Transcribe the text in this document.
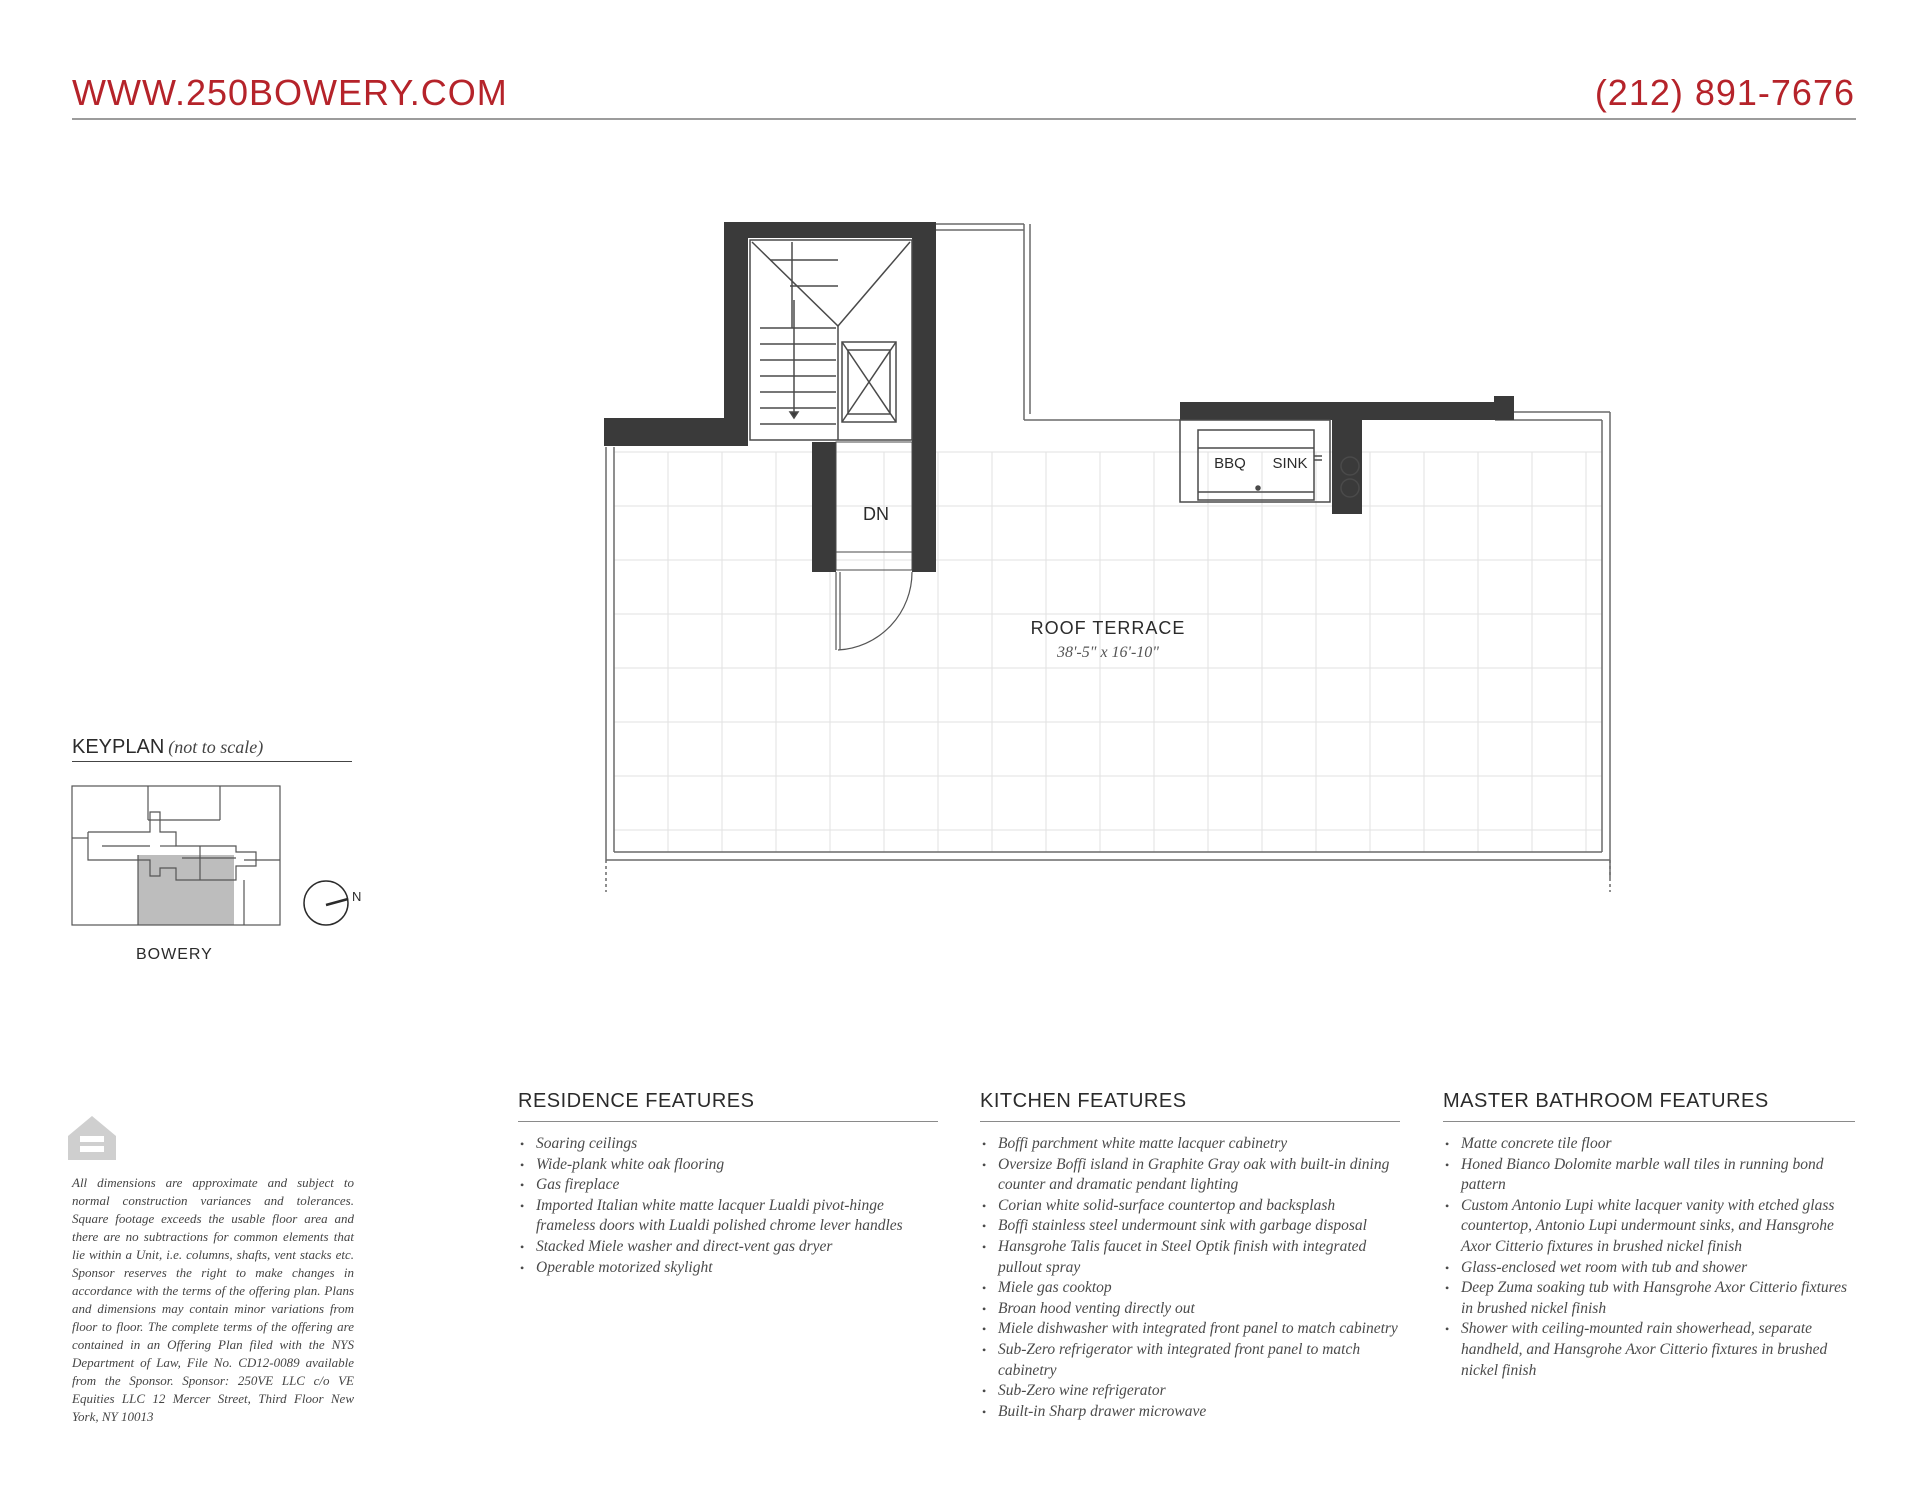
WWW.250BOWERY.COM	(212) 891-7676
DN
BBQ SINK
ROOF TERRACE
38'-5" x 16'-10"
N
KEYPLAN (not to scale)
BOWERY
All dimensions are approximate and subject to normal construction variances and tolerances. Square footage exceeds the usable floor area and there are no subtractions for common elements that lie within a Unit, i.e. columns, shafts, vent stacks etc. Sponsor reserves the right to make changes in accordance with the terms of the offering plan. Plans and dimensions may contain minor variations from floor to floor. The complete terms of the offering are contained in an Offering Plan filed with the NYS Department of Law, File No. CD12-0089 available from the Sponsor. Sponsor: 250VE LLC c/o VE Equities LLC 12 Mercer Street, Third Floor New York, NY 10013
RESIDENCE FEATURES
• Soaring ceilings
• Wide-plank white oak flooring
• Gas fireplace
• Imported Italian white matte lacquer Lualdi pivot-hinge frameless doors with Lualdi polished chrome lever handles
• Stacked Miele washer and direct-vent gas dryer
• Operable motorized skylight
KITCHEN FEATURES
• Boffi parchment white matte lacquer cabinetry
• Oversize Boffi island in Graphite Gray oak with built-in dining counter and dramatic pendant lighting
• Corian white solid-surface countertop and backsplash
• Boffi stainless steel undermount sink with garbage disposal
• Hansgrohe Talis faucet in Steel Optik finish with integrated pullout spray
• Miele gas cooktop
• Broan hood venting directly out
• Miele dishwasher with integrated front panel to match cabinetry
• Sub-Zero refrigerator with integrated front panel to match cabinetry
• Sub-Zero wine refrigerator
• Built-in Sharp drawer microwave
MASTER BATHROOM FEATURES
• Matte concrete tile floor
• Honed Bianco Dolomite marble wall tiles in running bond pattern
• Custom Antonio Lupi white lacquer vanity with etched glass countertop, Antonio Lupi undermount sinks, and Hansgrohe Axor Citterio fixtures in brushed nickel finish
• Glass-enclosed wet room with tub and shower
• Deep Zuma soaking tub with Hansgrohe Axor Citterio fixtures in brushed nickel finish
• Shower with ceiling-mounted rain showerhead, separate handheld, and Hansgrohe Axor Citterio fixtures in brushed nickel finish
